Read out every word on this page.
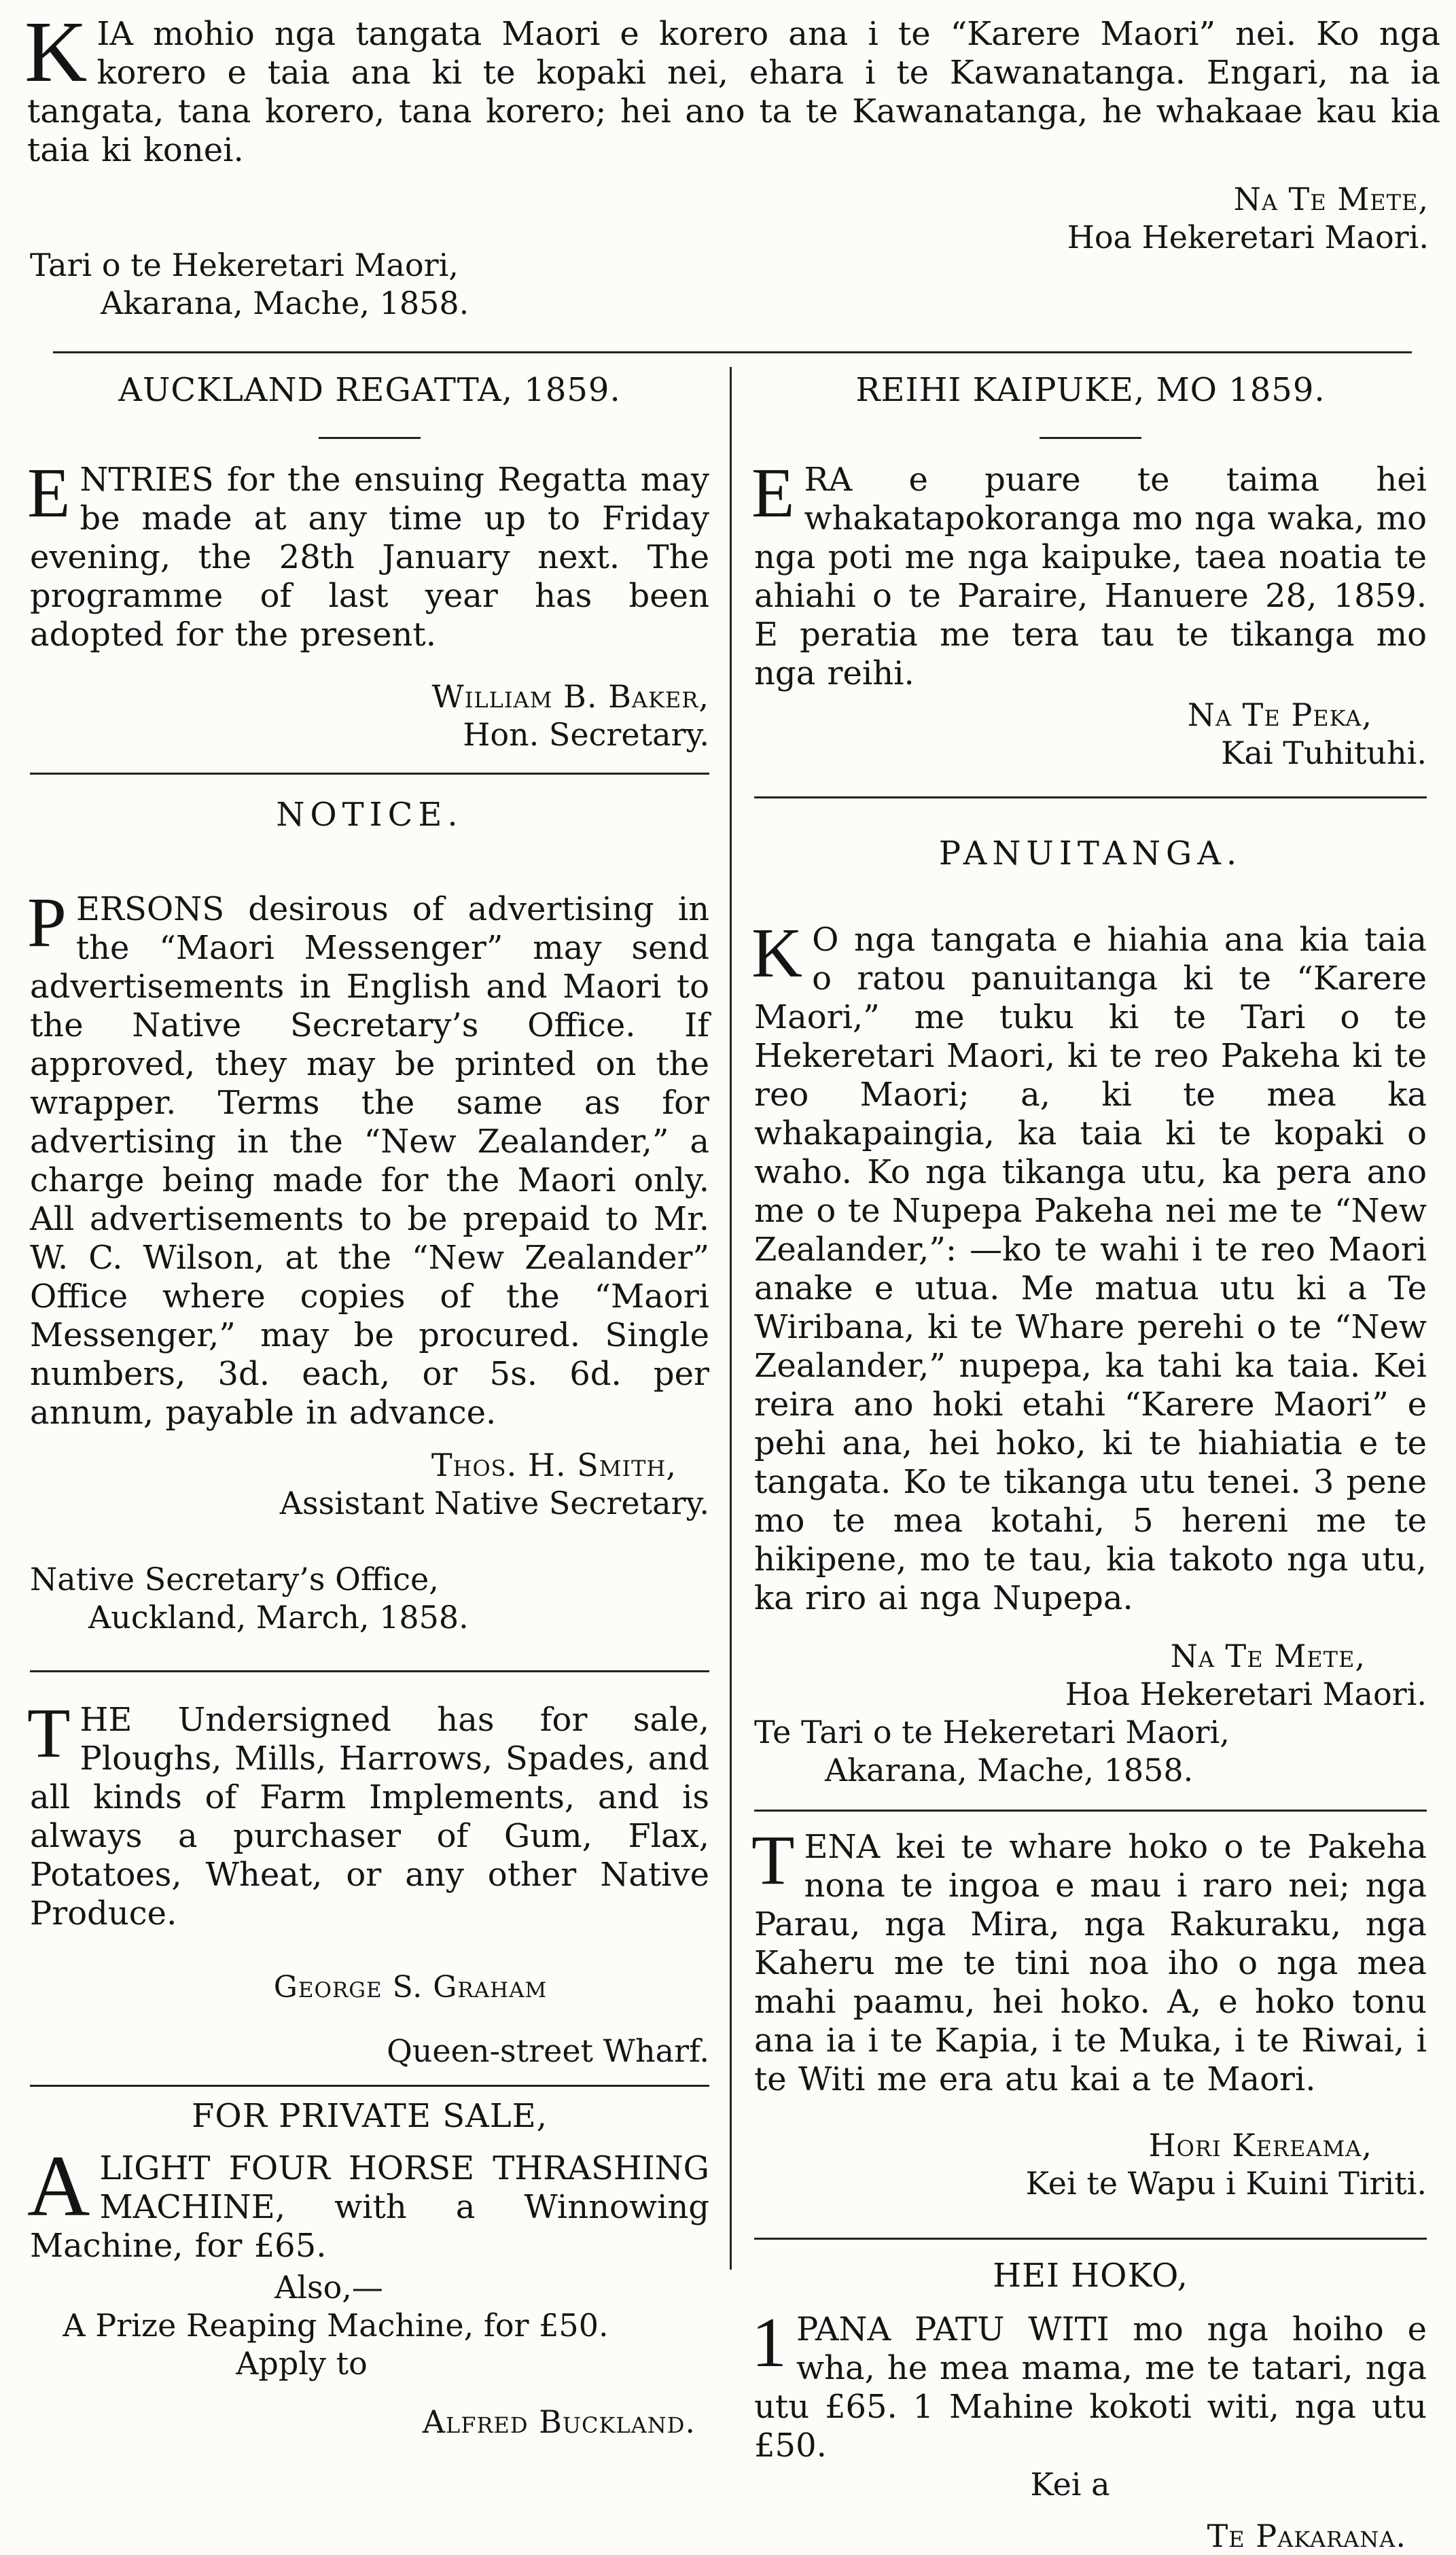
KIA mohio nga tangata Maori e korero ana i te “Karere Maori” nei. Ko nga korero e taia ana ki te kopaki nei, ehara i te Kawanatanga. Engari, na ia tangata, tana korero, tana korero; hei ano ta te Kawanatanga, he whakaae kau kia taia ki konei.

Na Te Mete,
Hoa Hekeretari Maori.
Tari o te Hekeretari Maori,
Akarana, Mache, 1858.

AUCKLAND REGATTA, 1859.

ENTRIES for the ensuing Regatta may be made at any time up to Friday evening, the 28th January next. The programme of last year has been adopted for the present.

William B. Baker,
Hon. Secretary.

NOTICE.

PERSONS desirous of advertising in the “Maori Messenger” may send advertisements in English and Maori to the Native Secretary’s Office. If approved, they may be printed on the wrapper. Terms the same as for advertising in the “New Zealander,” a charge being made for the Maori only. All advertisements to be prepaid to Mr. W. C. Wilson, at the “New Zealander” Office where copies of the “Maori Messenger,” may be procured. Single numbers, 3d. each, or 5s. 6d. per annum, payable in advance.

Thos. H. Smith,
Assistant Native Secretary.
Native Secretary’s Office,
Auckland, March, 1858.

THE Undersigned has for sale, Ploughs, Mills, Harrows, Spades, and all kinds of Farm Implements, and is always a purchaser of Gum, Flax, Potatoes, Wheat, or any other Native Produce.

George S. Graham
Queen-street Wharf.

FOR PRIVATE SALE,

ALIGHT FOUR HORSE THRASHING MACHINE, with a Winnowing Machine, for £65.

Also,—
A Prize Reaping Machine, for £50.
Apply to
Alfred Buckland.

REIHI KAIPUKE, MO 1859.

ERA e puare te taima hei whakatapokoranga mo nga waka, mo nga poti me nga kaipuke, taea noatia te ahiahi o te Paraire, Hanuere 28, 1859. E peratia me tera tau te tikanga mo nga reihi.

Na Te Peka,
Kai Tuhituhi.

PANUITANGA.

K O nga tangata e hiahia ana kia taia o ratou panuitanga ki te “Karere Maori,” me tuku ki te Tari o te Hekeretari Maori, ki te reo Pakeha ki te reo Maori; a, ki te mea ka whakapaingia, ka taia ki te kopaki o waho. Ko nga tikanga utu, ka pera ano me o te Nupepa Pakeha nei me te “New Zealander,”: —ko te wahi i te reo Maori anake e utua. Me matua utu ki a Te Wiribana, ki te Whare perehi o te “New Zealander,” nupepa, ka tahi ka taia. Kei reira ano hoki etahi “Karere Maori” e pehi ana, hei hoko, ki te hiahiatia e te tangata. Ko te tikanga utu tenei. 3 pene mo te mea kotahi, 5 hereni me te hikipene, mo te tau, kia takoto nga utu, ka riro ai nga Nupepa.

Na Te Mete,
Hoa Hekeretari Maori.
Te Tari o te Hekeretari Maori,
Akarana, Mache, 1858.

TENA kei te whare hoko o te Pakeha nona te ingoa e mau i raro nei; nga Parau, nga Mira, nga Rakuraku, nga Kaheru me te tini noa iho o nga mea mahi paamu, hei hoko. A, e hoko tonu ana ia i te Kapia, i te Muka, i te Riwai, i te Witi me era atu kai a te Maori.

Hori Kereama,
Kei te Wapu i Kuini Tiriti.

HEI HOKO,

1 PANA PATU WITI mo nga hoiho e wha, he mea mama, me te tatari, nga utu £65. 1 Mahine kokoti witi, nga utu £50.

Kei a
Te Pakarana.
